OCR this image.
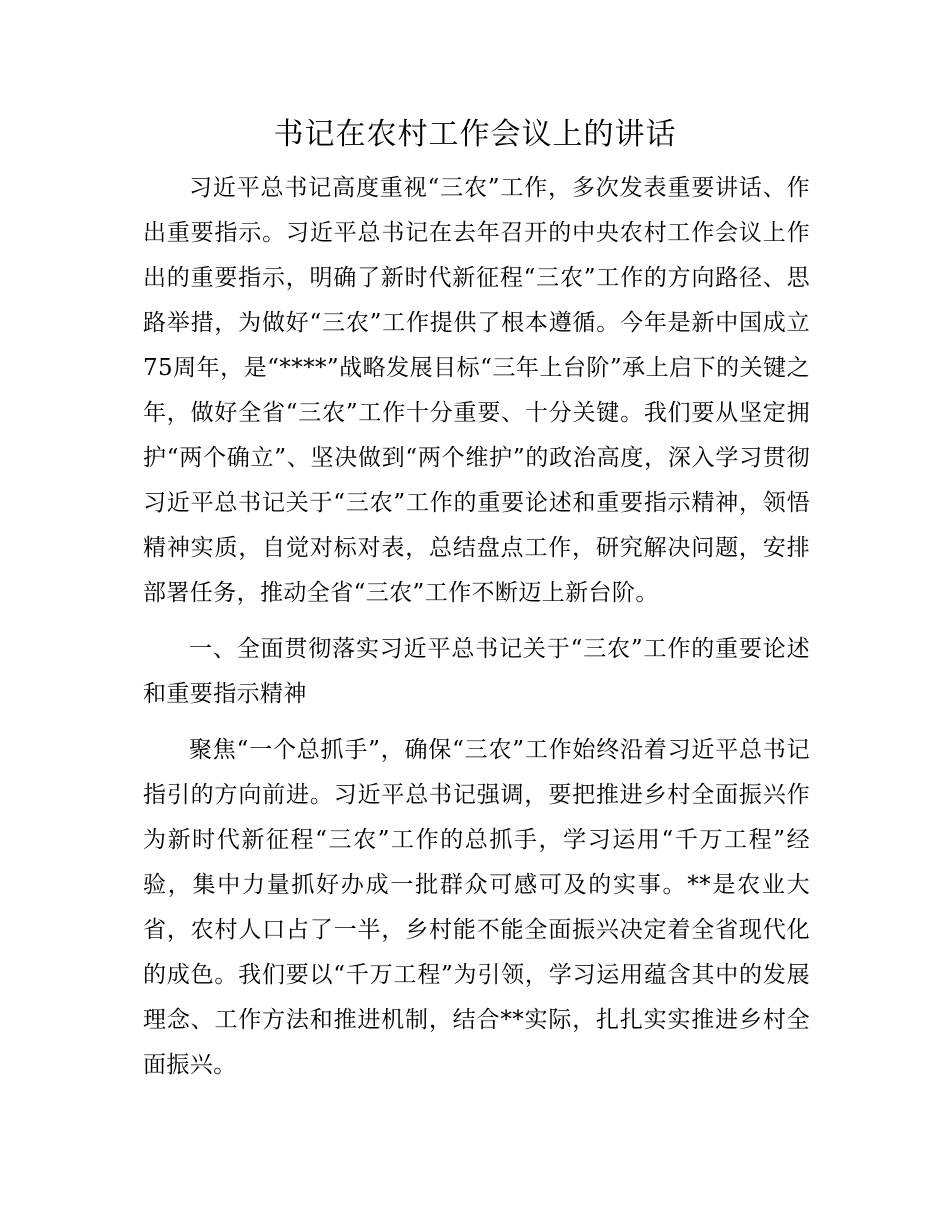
书记在农村工作会议上的讲话

习近平总书记高度重视“三农”工作，多次发表重要讲话、作出重要指示。习近平总书记在去年召开的中央农村工作会议上作出的重要指示，明确了新时代新征程“三农”工作的方向路径、思路举措，为做好“三农”工作提供了根本遵循。今年是新中国成立75周年，是“****”战略发展目标“三年上台阶”承上启下的关键之年，做好全省“三农”工作十分重要、十分关键。我们要从坚定拥护“两个确立”、坚决做到“两个维护”的政治高度，深入学习贯彻习近平总书记关于“三农”工作的重要论述和重要指示精神，领悟精神实质，自觉对标对表，总结盘点工作，研究解决问题，安排部署任务，推动全省“三农”工作不断迈上新台阶。

一、全面贯彻落实习近平总书记关于“三农”工作的重要论述和重要指示精神

聚焦“一个总抓手”，确保“三农”工作始终沿着习近平总书记指引的方向前进。习近平总书记强调，要把推进乡村全面振兴作为新时代新征程“三农”工作的总抓手，学习运用“千万工程”经验，集中力量抓好办成一批群众可感可及的实事。**是农业大省，农村人口占了一半，乡村能不能全面振兴决定着全省现代化的成色。我们要以“千万工程”为引领，学习运用蕴含其中的发展理念、工作方法和推进机制，结合**实际，扎扎实实推进乡村全面振兴。
